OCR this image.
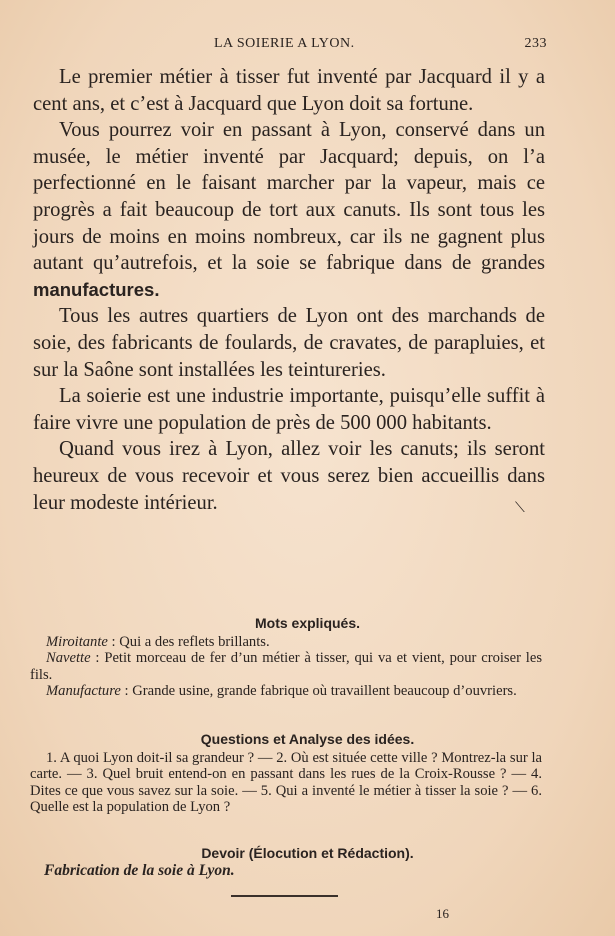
LA SOIERIE A LYON.	233

Le premier métier à tisser fut inventé par Jacquard il y a cent ans, et c’est à Jacquard que Lyon doit sa fortune.

Vous pourrez voir en passant à Lyon, conservé dans un musée, le métier inventé par Jacquard; depuis, on l’a perfectionné en le faisant marcher par la vapeur, mais ce progrès a fait beaucoup de tort aux canuts. Ils sont tous les jours de moins en moins nombreux, car ils ne gagnent plus autant qu’autrefois, et la soie se fabrique dans de grandes manufactures.

Tous les autres quartiers de Lyon ont des marchands de soie, des fabricants de foulards, de cravates, de parapluies, et sur la Saône sont installées les teintureries.

La soierie est une industrie importante, puisqu’elle suffit à faire vivre une population de près de 500 000 habitants.

Quand vous irez à Lyon, allez voir les canuts; ils seront heureux de vous recevoir et vous serez bien accueillis dans leur modeste intérieur.	⟍
Mots expliqués.

Miroitante : Qui a des reflets brillants.

Navette : Petit morceau de fer d’un métier à tisser, qui va et vient, pour croiser les fils.

Manufacture : Grande usine, grande fabrique où travaillent beaucoup d’ouvriers.

Questions et Analyse des idées.

1. A quoi Lyon doit-il sa grandeur ? — 2. Où est située cette ville ? Montrez-la sur la carte. — 3. Quel bruit entend-on en passant dans les rues de la Croix-Rousse ? — 4. Dites ce que vous savez sur la soie. — 5. Qui a inventé le métier à tisser la soie ? — 6. Quelle est la population de Lyon ?

Devoir (Élocution et Rédaction).
Fabrication de la soie à Lyon.
16
